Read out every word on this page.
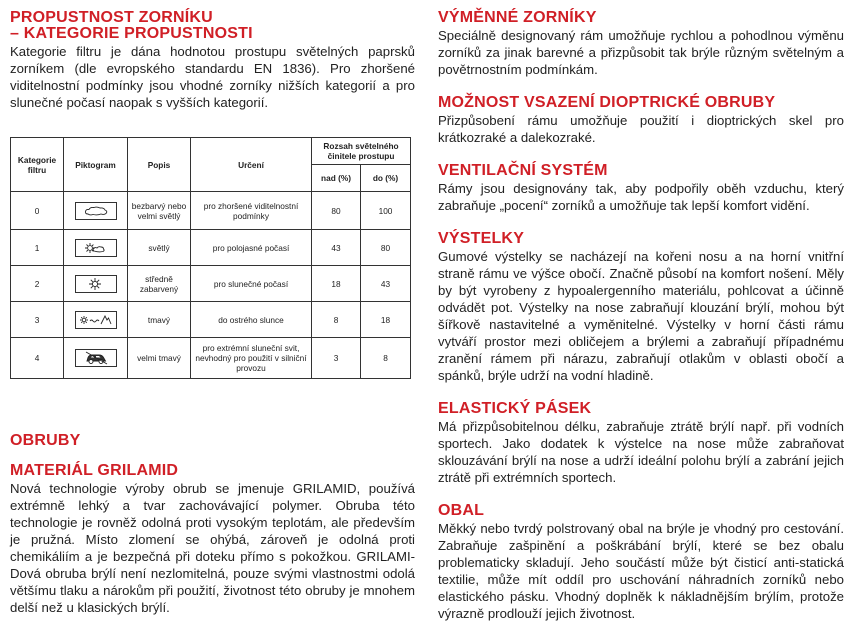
PROPUSTNOST ZORNÍKU
– KATEGORIE PROPUSTNOSTI

Kategorie filtru je dána hodnotou prostupu světelných paprsků zorníkem (dle evropského standardu EN 1836). Pro zhoršené viditelnostní podmínky jsou vhodné zorníky nižších kategorií a pro slunečné počasí naopak s vyšších kategorií.

Kategorie filtru	Piktogram	Popis	Určení	Rozsah světelného činitele prostupu	
				nad (%)	do (%)
0		bezbarvý nebo velmi světlý	pro zhoršené viditelnostní podmínky	80	100
1		světlý	pro polojasné počasí	43	80
2		středně zabarvený	pro slunečné počasí	18	43
3		tmavý	do ostrého slunce	8	18
4		velmi tmavý	pro extrémní sluneční svit, nevhodný pro použití v silniční provozu	3	8
OBRUBY
MATERIÁL GRILAMID

Nová technologie výroby obrub se jmenuje GRILAMID, používá extrémně lehký a tvar zachovávající polymer. Obruba této technologie je rovněž odolná proti vysokým teplotám, ale především je pružná. Místo zlomení se ohýbá, zároveň je odolná proti chemikáliím a je bezpečná při doteku přímo s pokožkou. GRILAMI-Dová obruba brýlí není nezlomitelná, pouze svými vlastnostmi odolá většímu tlaku a nárokům při použití, životnost této obruby je mnohem delší než u klasických brýlí.

VÝMĚNNÉ ZORNÍKY

Speciálně designovaný rám umožňuje rychlou a pohodlnou výměnu zorníků za jinak barevné a přizpůsobit tak brýle různým světelným a povětrnostním podmínkám.

MOŽNOST VSAZENÍ DIOPTRICKÉ OBRUBY

Přizpůsobení rámu umožňuje použití i dioptrických skel pro krátkozraké a dalekozraké.

VENTILAČNÍ SYSTÉM

Rámy jsou designovány tak, aby podpořily oběh vzduchu, který zabraňuje „pocení“ zorníků a umožňuje tak lepší komfort vidění.

VÝSTELKY

Gumové výstelky se nacházejí na kořeni nosu a na horní vnitřní straně rámu ve výšce obočí. Značně působí na komfort nošení. Měly by být vyrobeny z hypoalergenního materiálu, pohlcovat a účinně odvádět pot. Výstelky na nose zabraňují klouzání brýlí, mohou být šířkově nastavitelné a vyměnitelné. Výstelky v horní části rámu vytváří prostor mezi obličejem a brýlemi a zabraňují případnému zranění rámem při nárazu, zabraňují otlakům v oblasti obočí a spánků, brýle udrží na vodní hladině.

ELASTICKÝ PÁSEK

Má přizpůsobitelnou délku, zabraňuje ztrátě brýlí např. při vodních sportech. Jako dodatek k výstelce na nose může zabraňovat sklouzávání brýlí na nose a udrží ideální polohu brýlí a zabrání jejich ztrátě při extrémních sportech.

OBAL

Měkký nebo tvrdý polstrovaný obal na brýle je vhodný pro cestování. Zabraňuje zašpinění a poškrábání brýlí, které se bez obalu problematicky skladují. Jeho součástí může být čisticí anti-statická textilie, může mít oddíl pro uschování náhradních zorníků nebo elastického pásku. Vhodný doplněk k nákladnějším brýlím, protože výrazně prodlouží jejich životnost.
